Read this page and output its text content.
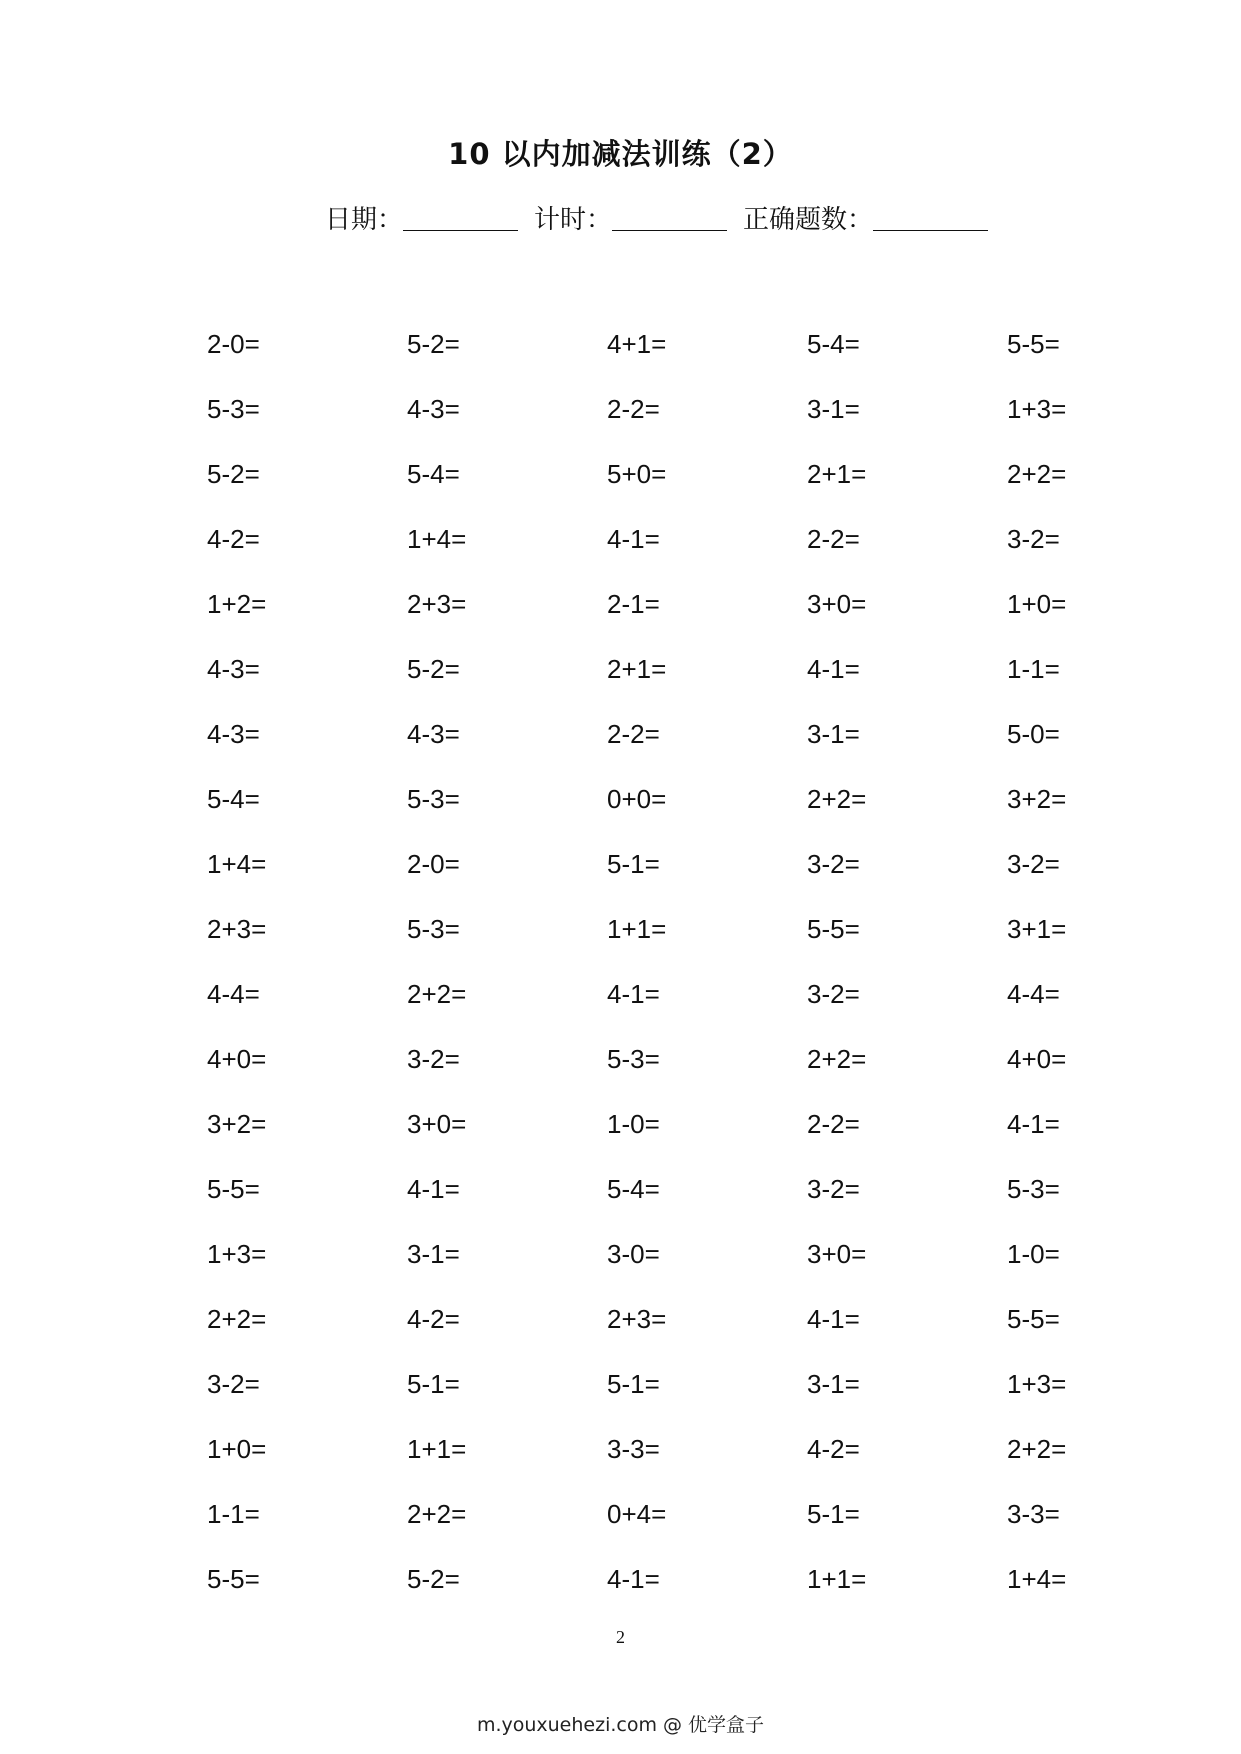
10 以内加减法训练（2）
日期：	计时：	正确题数：
2-0=	5-2=	4+1=	5-4=	5-5=
5-3=	4-3=	2-2=	3-1=	1+3=
5-2=	5-4=	5+0=	2+1=	2+2=
4-2=	1+4=	4-1=	2-2=	3-2=
1+2=	2+3=	2-1=	3+0=	1+0=
4-3=	5-2=	2+1=	4-1=	1-1=
4-3=	4-3=	2-2=	3-1=	5-0=
5-4=	5-3=	0+0=	2+2=	3+2=
1+4=	2-0=	5-1=	3-2=	3-2=
2+3=	5-3=	1+1=	5-5=	3+1=
4-4=	2+2=	4-1=	3-2=	4-4=
4+0=	3-2=	5-3=	2+2=	4+0=
3+2=	3+0=	1-0=	2-2=	4-1=
5-5=	4-1=	5-4=	3-2=	5-3=
1+3=	3-1=	3-0=	3+0=	1-0=
2+2=	4-2=	2+3=	4-1=	5-5=
3-2=	5-1=	5-1=	3-1=	1+3=
1+0=	1+1=	3-3=	4-2=	2+2=
1-1=	2+2=	0+4=	5-1=	3-3=
5-5=	5-2=	4-1=	1+1=	1+4=
2
m.youxuehezi.com @ 优学盒子
